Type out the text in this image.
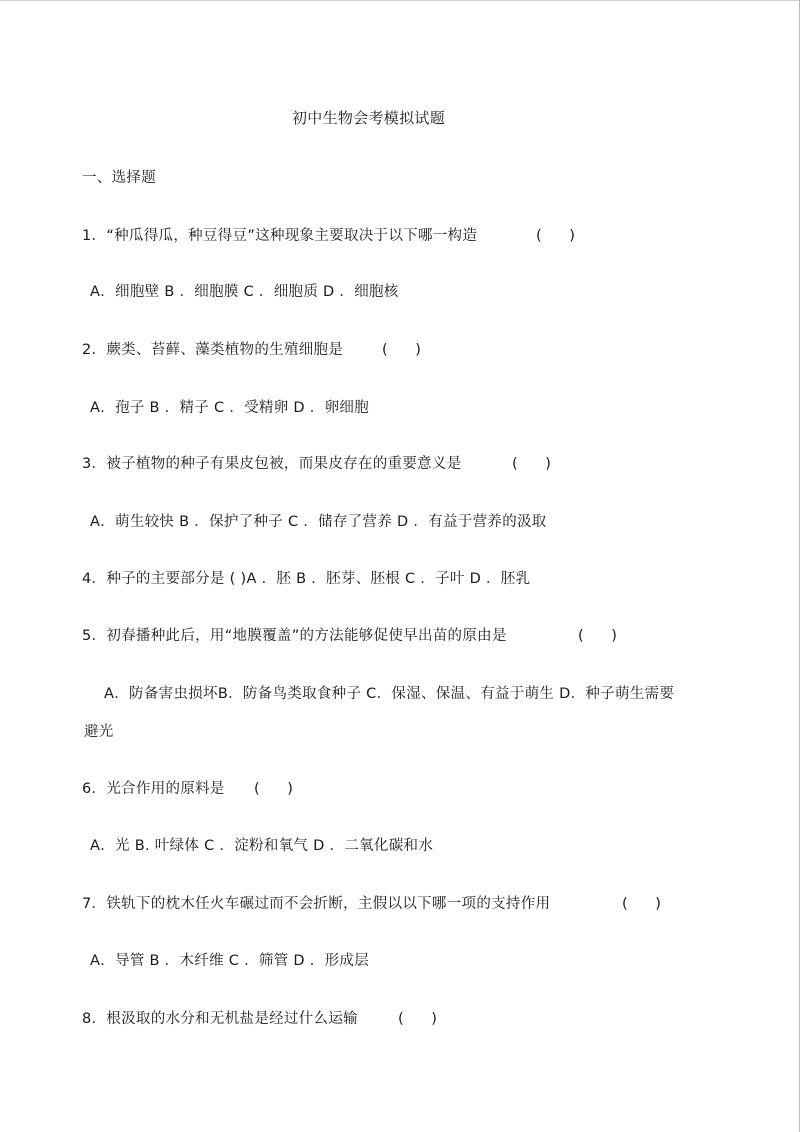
初中生物会考模拟试题
一、选择题
1．“种瓜得瓜，种豆得豆”这种现象主要取决于以下哪一构造	(      )
A．细胞壁 B ．细胞膜 C ．细胞质 D ．细胞核
2．蕨类、苔藓、藻类植物的生殖细胞是	(      )
A．孢子 B ．精子 C ．受精卵 D ．卵细胞
3．被子植物的种子有果皮包被，而果皮存在的重要意义是	(      )
A．萌生较快 B ．保护了种子 C ．储存了营养 D ．有益于营养的汲取
4．种子的主要部分是 ( )A ．胚 B ．胚芽、胚根 C ．子叶 D ．胚乳
5．初春播种此后，用“地膜覆盖”的方法能够促使早出苗的原由是	(      )
A．防备害虫损坏B．防备鸟类取食种子 C．保湿、保温、有益于萌生 D．种子萌生需要
避光
6．光合作用的原料是 (      )
A．光 B. 叶绿体 C ．淀粉和氧气 D ．二氧化碳和水
7．铁轨下的枕木任火车碾过而不会折断，主假以以下哪一项的支持作用	(      )
A．导管 B ．木纤维 C ．筛管 D ．形成层
8．根汲取的水分和无机盐是经过什么运输	(      )
